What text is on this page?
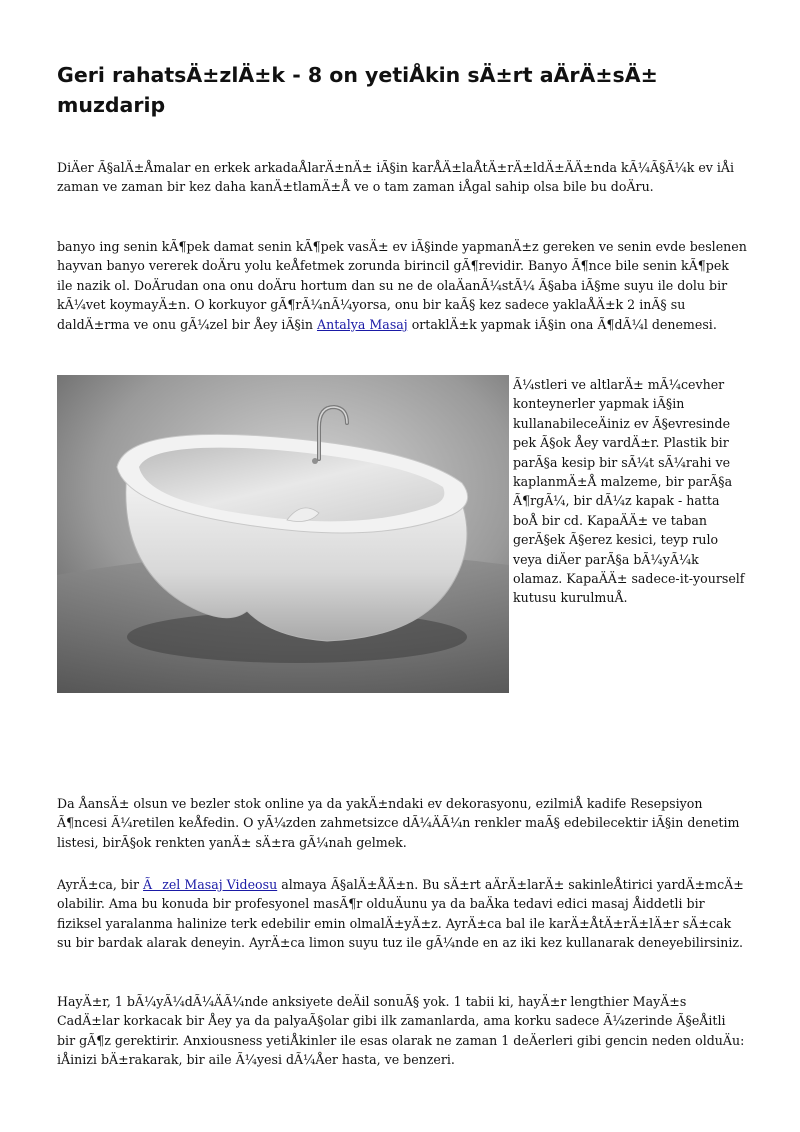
Geri rahatsÄ±zlÄ±k - 8 on yetiÅkin sÄ±rt aÄrÄ±sÄ± muzdarip

DiÄer Ã§alÄ±Åmalar en erkek arkadaÅlarÄ±nÄ± iÃ§in karÅÄ±laÅtÄ±rÄ±ldÄ±ÄÄ±nda kÃ¼Ã§Ã¼k ev iÅi zaman ve zaman bir kez daha kanÄ±tlamÄ±Å ve o tam zaman iÅgal sahip olsa bile bu doÄru.

banyo ing senin kÃ¶pek damat senin kÃ¶pek vasÄ± ev iÃ§inde yapmanÄ±z gereken ve senin evde beslenen hayvan banyo vererek doÄru yolu keÅfetmek zorunda birincil gÃ¶revidir. Banyo Ã¶nce bile senin kÃ¶pek ile nazik ol. DoÄrudan ona onu doÄru hortum dan su ne de olaÄanÃ¼stÃ¼ Ã§aba iÃ§me suyu ile dolu bir kÃ¼vet koymayÄ±n. O korkuyor gÃ¶rÃ¼nÃ¼yorsa, onu bir kaÃ§ kez sadece yaklaÅÄ±k 2 inÃ§ su daldÄ±rma ve onu gÃ¼zel bir Åey iÃ§in Antalya Masaj ortaklÄ±k yapmak iÃ§in ona Ã¶dÃ¼l denemesi.

Ã¼stleri ve altlarÄ± mÃ¼cevher konteynerler yapmak iÃ§in kullanabileceÄiniz ev Ã§evresinde pek Ã§ok Åey vardÄ±r. Plastik bir parÃ§a kesip bir sÃ¼t sÃ¼rahi ve kaplanmÄ±Å malzeme, bir parÃ§a Ã¶rgÃ¼, bir dÃ¼z kapak - hatta boÅ bir cd. KapaÄÄ± ve taban gerÃ§ek Ã§erez kesici, teyp rulo veya diÄer parÃ§a bÃ¼yÃ¼k olamaz. KapaÄÄ± sadece-it-yourself kutusu kurulmuÅ.

Da ÅansÄ± olsun ve bezler stok online ya da yakÄ±ndaki ev dekorasyonu, ezilmiÅ kadife Resepsiyon Ã¶ncesi Ã¼retilen keÅfedin. O yÃ¼zden zahmetsizce dÃ¼ÄÃ¼n renkler maÃ§ edebilecektir iÃ§in denetim listesi, birÃ§ok renkten yanÄ± sÄ±ra gÃ¼nah gelmek.

AyrÄ±ca, bir Ãzel Masaj Videosu almaya Ã§alÄ±ÅÄ±n. Bu sÄ±rt aÄrÄ±larÄ± sakinleÅtirici yardÄ±mcÄ± olabilir. Ama bu konuda bir profesyonel masÃ¶r olduÄunu ya da baÄka tedavi edici masaj Åiddetli bir fiziksel yaralanma halinize terk edebilir emin olmalÄ±yÄ±z. AyrÄ±ca bal ile karÄ±ÅtÄ±rÄ±lÄ±r sÄ±cak su bir bardak alarak deneyin. AyrÄ±ca limon suyu tuz ile gÃ¼nde en az iki kez kullanarak deneyebilirsiniz.

HayÄ±r, 1 bÃ¼yÃ¼dÃ¼ÄÃ¼nde anksiyete deÄil sonuÃ§ yok. 1 tabii ki, hayÄ±r lengthier MayÄ±s CadÄ±lar korkacak bir Åey ya da palyaÃ§olar gibi ilk zamanlarda, ama korku sadece Ã¼zerinde Ã§eÅitli bir gÃ¶z gerektirir. Anxiousness yetiÅkinler ile esas olarak ne zaman 1 deÄerleri gibi gencin neden olduÄu: iÅinizi bÄ±rakarak, bir aile Ã¼yesi dÃ¼Åer hasta, ve benzeri.
